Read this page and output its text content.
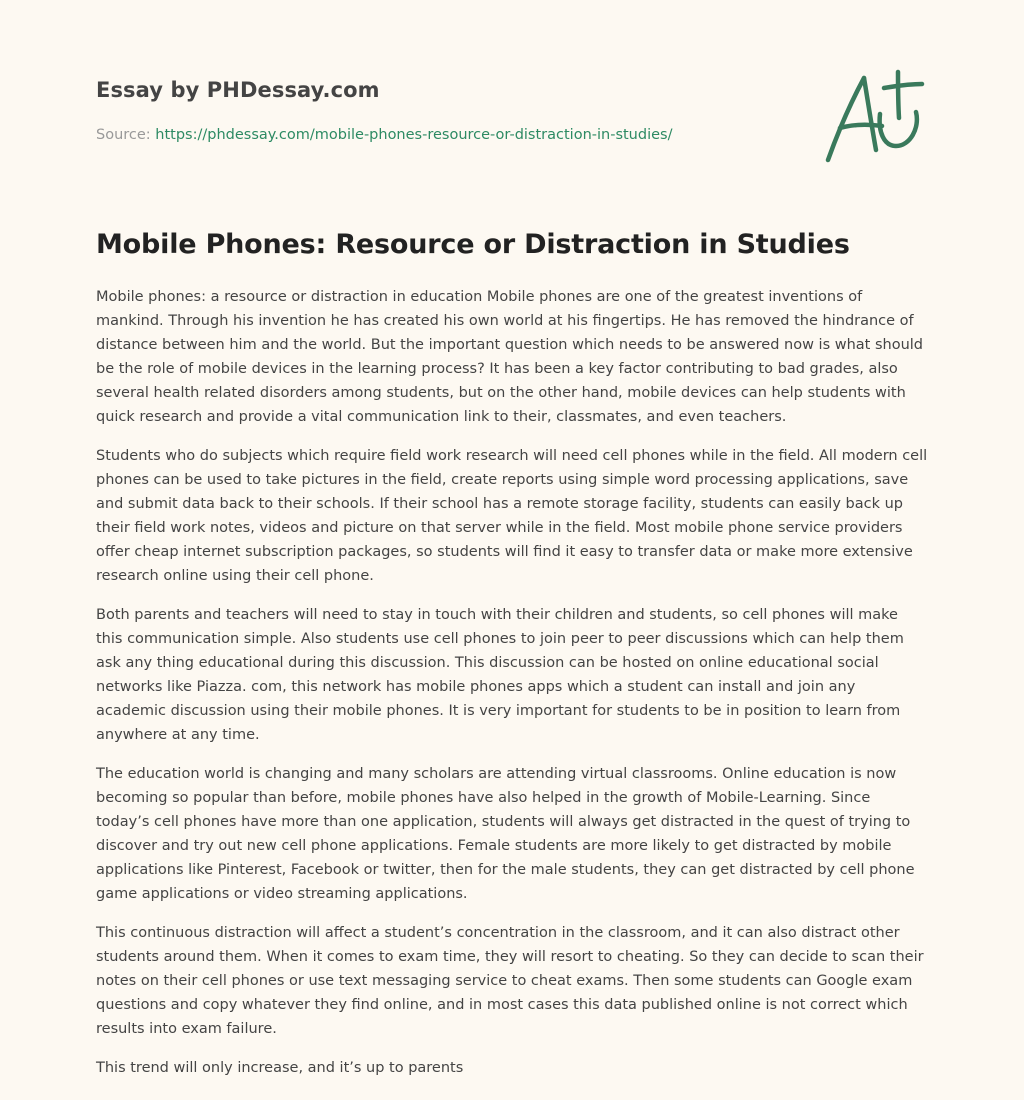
Essay by PHDessay.com
Source: https://phdessay.com/mobile-phones-resource-or-distraction-in-studies/
Mobile Phones: Resource or Distraction in Studies

Mobile phones: a resource or distraction in education Mobile phones are one of the greatest inventions of mankind. Through his invention he has created his own world at his fingertips. He has removed the hindrance of distance between him and the world. But the important question which needs to be answered now is what should be the role of mobile devices in the learning process? It has been a key factor contributing to bad grades, also several health related disorders among students, but on the other hand, mobile devices can help students with quick research and provide a vital communication link to their, classmates, and even teachers.

Students who do subjects which require field work research will need cell phones while in the field. All modern cell phones can be used to take pictures in the field, create reports using simple word processing applications, save and submit data back to their schools. If their school has a remote storage facility, students can easily back up their field work notes, videos and picture on that server while in the field. Most mobile phone service providers offer cheap internet subscription packages, so students will find it easy to transfer data or make more extensive research online using their cell phone.

Both parents and teachers will need to stay in touch with their children and students, so cell phones will make this communication simple. Also students use cell phones to join peer to peer discussions which can help them ask any thing educational during this discussion. This discussion can be hosted on online educational social networks like Piazza. com, this network has mobile phones apps which a student can install and join any academic discussion using their mobile phones. It is very important for students to be in position to learn from anywhere at any time.

The education world is changing and many scholars are attending virtual classrooms. Online education is now becoming so popular than before, mobile phones have also helped in the growth of Mobile-Learning. Since today’s cell phones have more than one application, students will always get distracted in the quest of trying to discover and try out new cell phone applications. Female students are more likely to get distracted by mobile applications like Pinterest, Facebook or twitter, then for the male students, they can get distracted by cell phone game applications or video streaming applications.

This continuous distraction will affect a student’s concentration in the classroom, and it can also distract other students around them. When it comes to exam time, they will resort to cheating. So they can decide to scan their notes on their cell phones or use text messaging service to cheat exams. Then some students can Google exam questions and copy whatever they find online, and in most cases this data published online is not correct which results into exam failure.

This trend will only increase, and it’s up to parents
